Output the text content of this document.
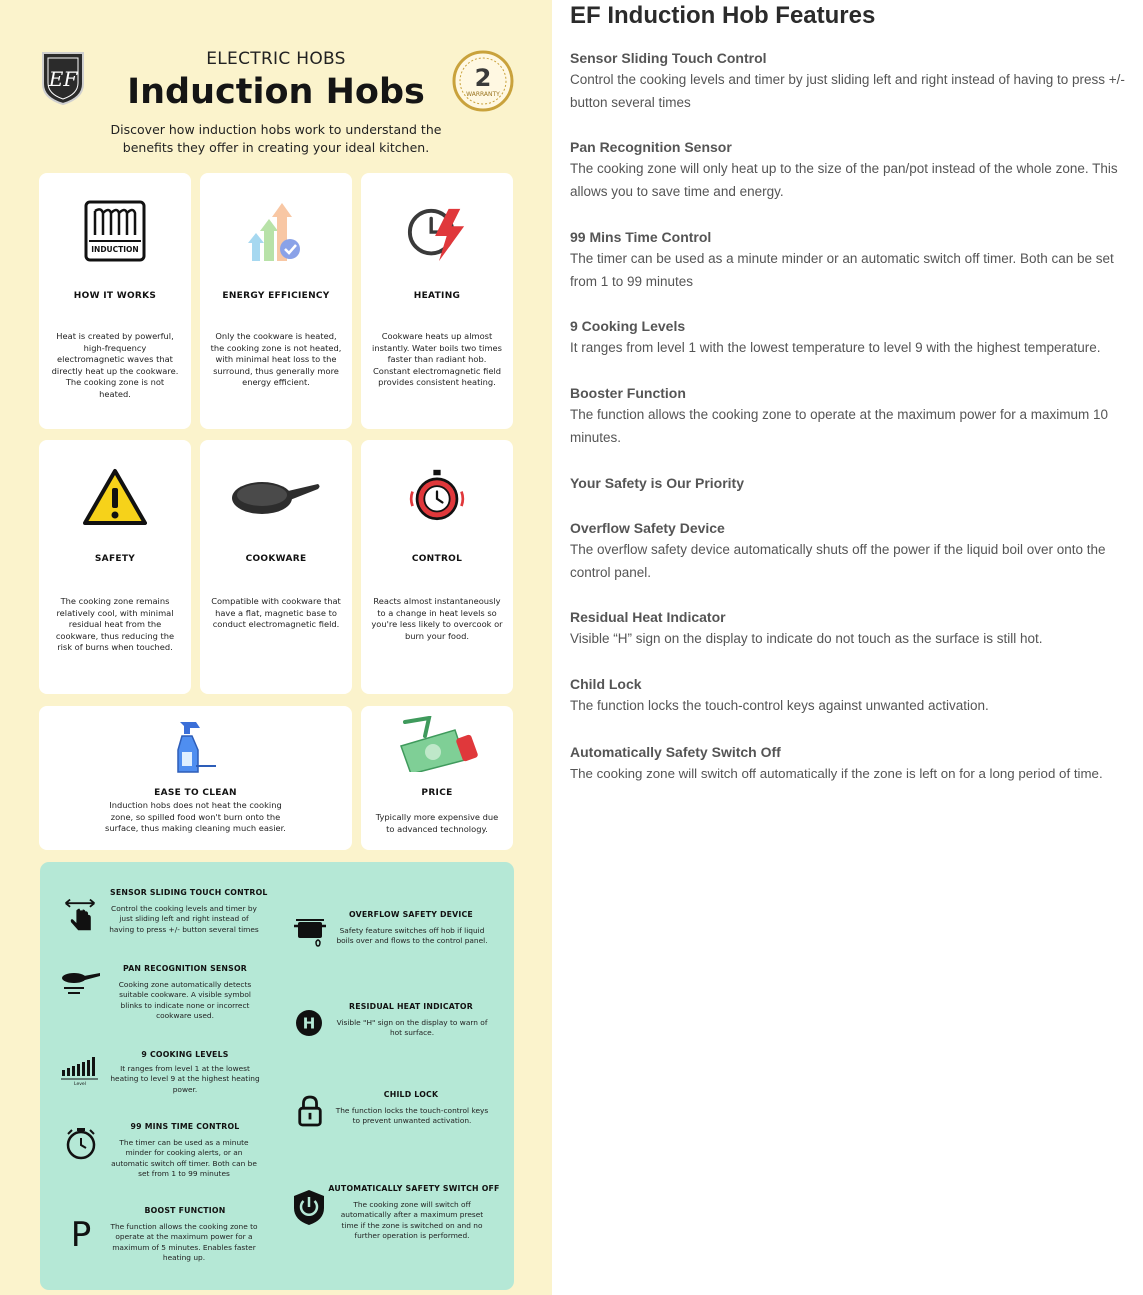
EF	2
WARRANTY
ELECTRIC HOBS
Induction Hobs
Discover how induction hobs work to understand the benefits they offer in creating your ideal kitchen.
INDUCTION
HOW IT WORKS
Heat is created by powerful, high-frequency electromagnetic waves that directly heat up the cookware. The cooking zone is not heated.
ENERGY EFFICIENCY
Only the cookware is heated, the cooking zone is not heated, with minimal heat loss to the surround, thus generally more energy efficient.
HEATING
Cookware heats up almost instantly. Water boils two times faster than radiant hob. Constant electromagnetic field provides consistent heating.
SAFETY
The cooking zone remains relatively cool, with minimal residual heat from the cookware, thus reducing the risk of burns when touched.
COOKWARE
Compatible with cookware that have a flat, magnetic base to conduct electromagnetic field.
CONTROL
Reacts almost instantaneously to a change in heat levels so you're less likely to overcook or burn your food.
EASE TO CLEAN
Induction hobs does not heat the cooking zone, so spilled food won't burn onto the surface, thus making cleaning much easier.
PRICE
Typically more expensive due to advanced technology.
SENSOR SLIDING TOUCH CONTROL
Control the cooking levels and timer by just sliding left and right instead of having to press +/- button several times
PAN RECOGNITION SENSOR
Cooking zone automatically detects suitable cookware. A visible symbol blinks to indicate none or incorrect cookware used.
Level
9 COOKING LEVELS
It ranges from level 1 at the lowest heating to level 9 at the highest heating power.
99 MINS TIME CONTROL
The timer can be used as a minute minder for cooking alerts, or an automatic switch off timer. Both can be set from 1 to 99 minutes
P
BOOST FUNCTION
The function allows the cooking zone to operate at the maximum power for a maximum of 5 minutes. Enables faster heating up.
OVERFLOW SAFETY DEVICE
Safety feature switches off hob if liquid boils over and flows to the control panel.
H
RESIDUAL HEAT INDICATOR
Visible "H" sign on the display to warn of hot surface.
CHILD LOCK
The function locks the touch-control keys to prevent unwanted activation.
AUTOMATICALLY SAFETY SWITCH OFF
The cooking zone will switch off automatically after a maximum preset time if the zone is switched on and no further operation is performed.
EF Induction Hob Features
Sensor Sliding Touch Control
Control the cooking levels and timer by just sliding left and right instead of having to press +/- button several times
Pan Recognition Sensor
The cooking zone will only heat up to the size of the pan/pot instead of the whole zone. This allows you to save time and energy.
99 Mins Time Control
The timer can be used as a minute minder or an automatic switch off timer. Both can be set from 1 to 99 minutes
9 Cooking Levels
It ranges from level 1 with the lowest temperature to level 9 with the highest temperature.
Booster Function
The function allows the cooking zone to operate at the maximum power for a maximum 10 minutes.
Your Safety is Our Priority
Overflow Safety Device
The overflow safety device automatically shuts off the power if the liquid boil over onto the control panel.
Residual Heat Indicator
Visible “H” sign on the display to indicate do not touch as the surface is still hot.
Child Lock
The function locks the touch-control keys against unwanted activation.
Automatically Safety Switch Off
The cooking zone will switch off automatically if the zone is left on for a long period of time.
